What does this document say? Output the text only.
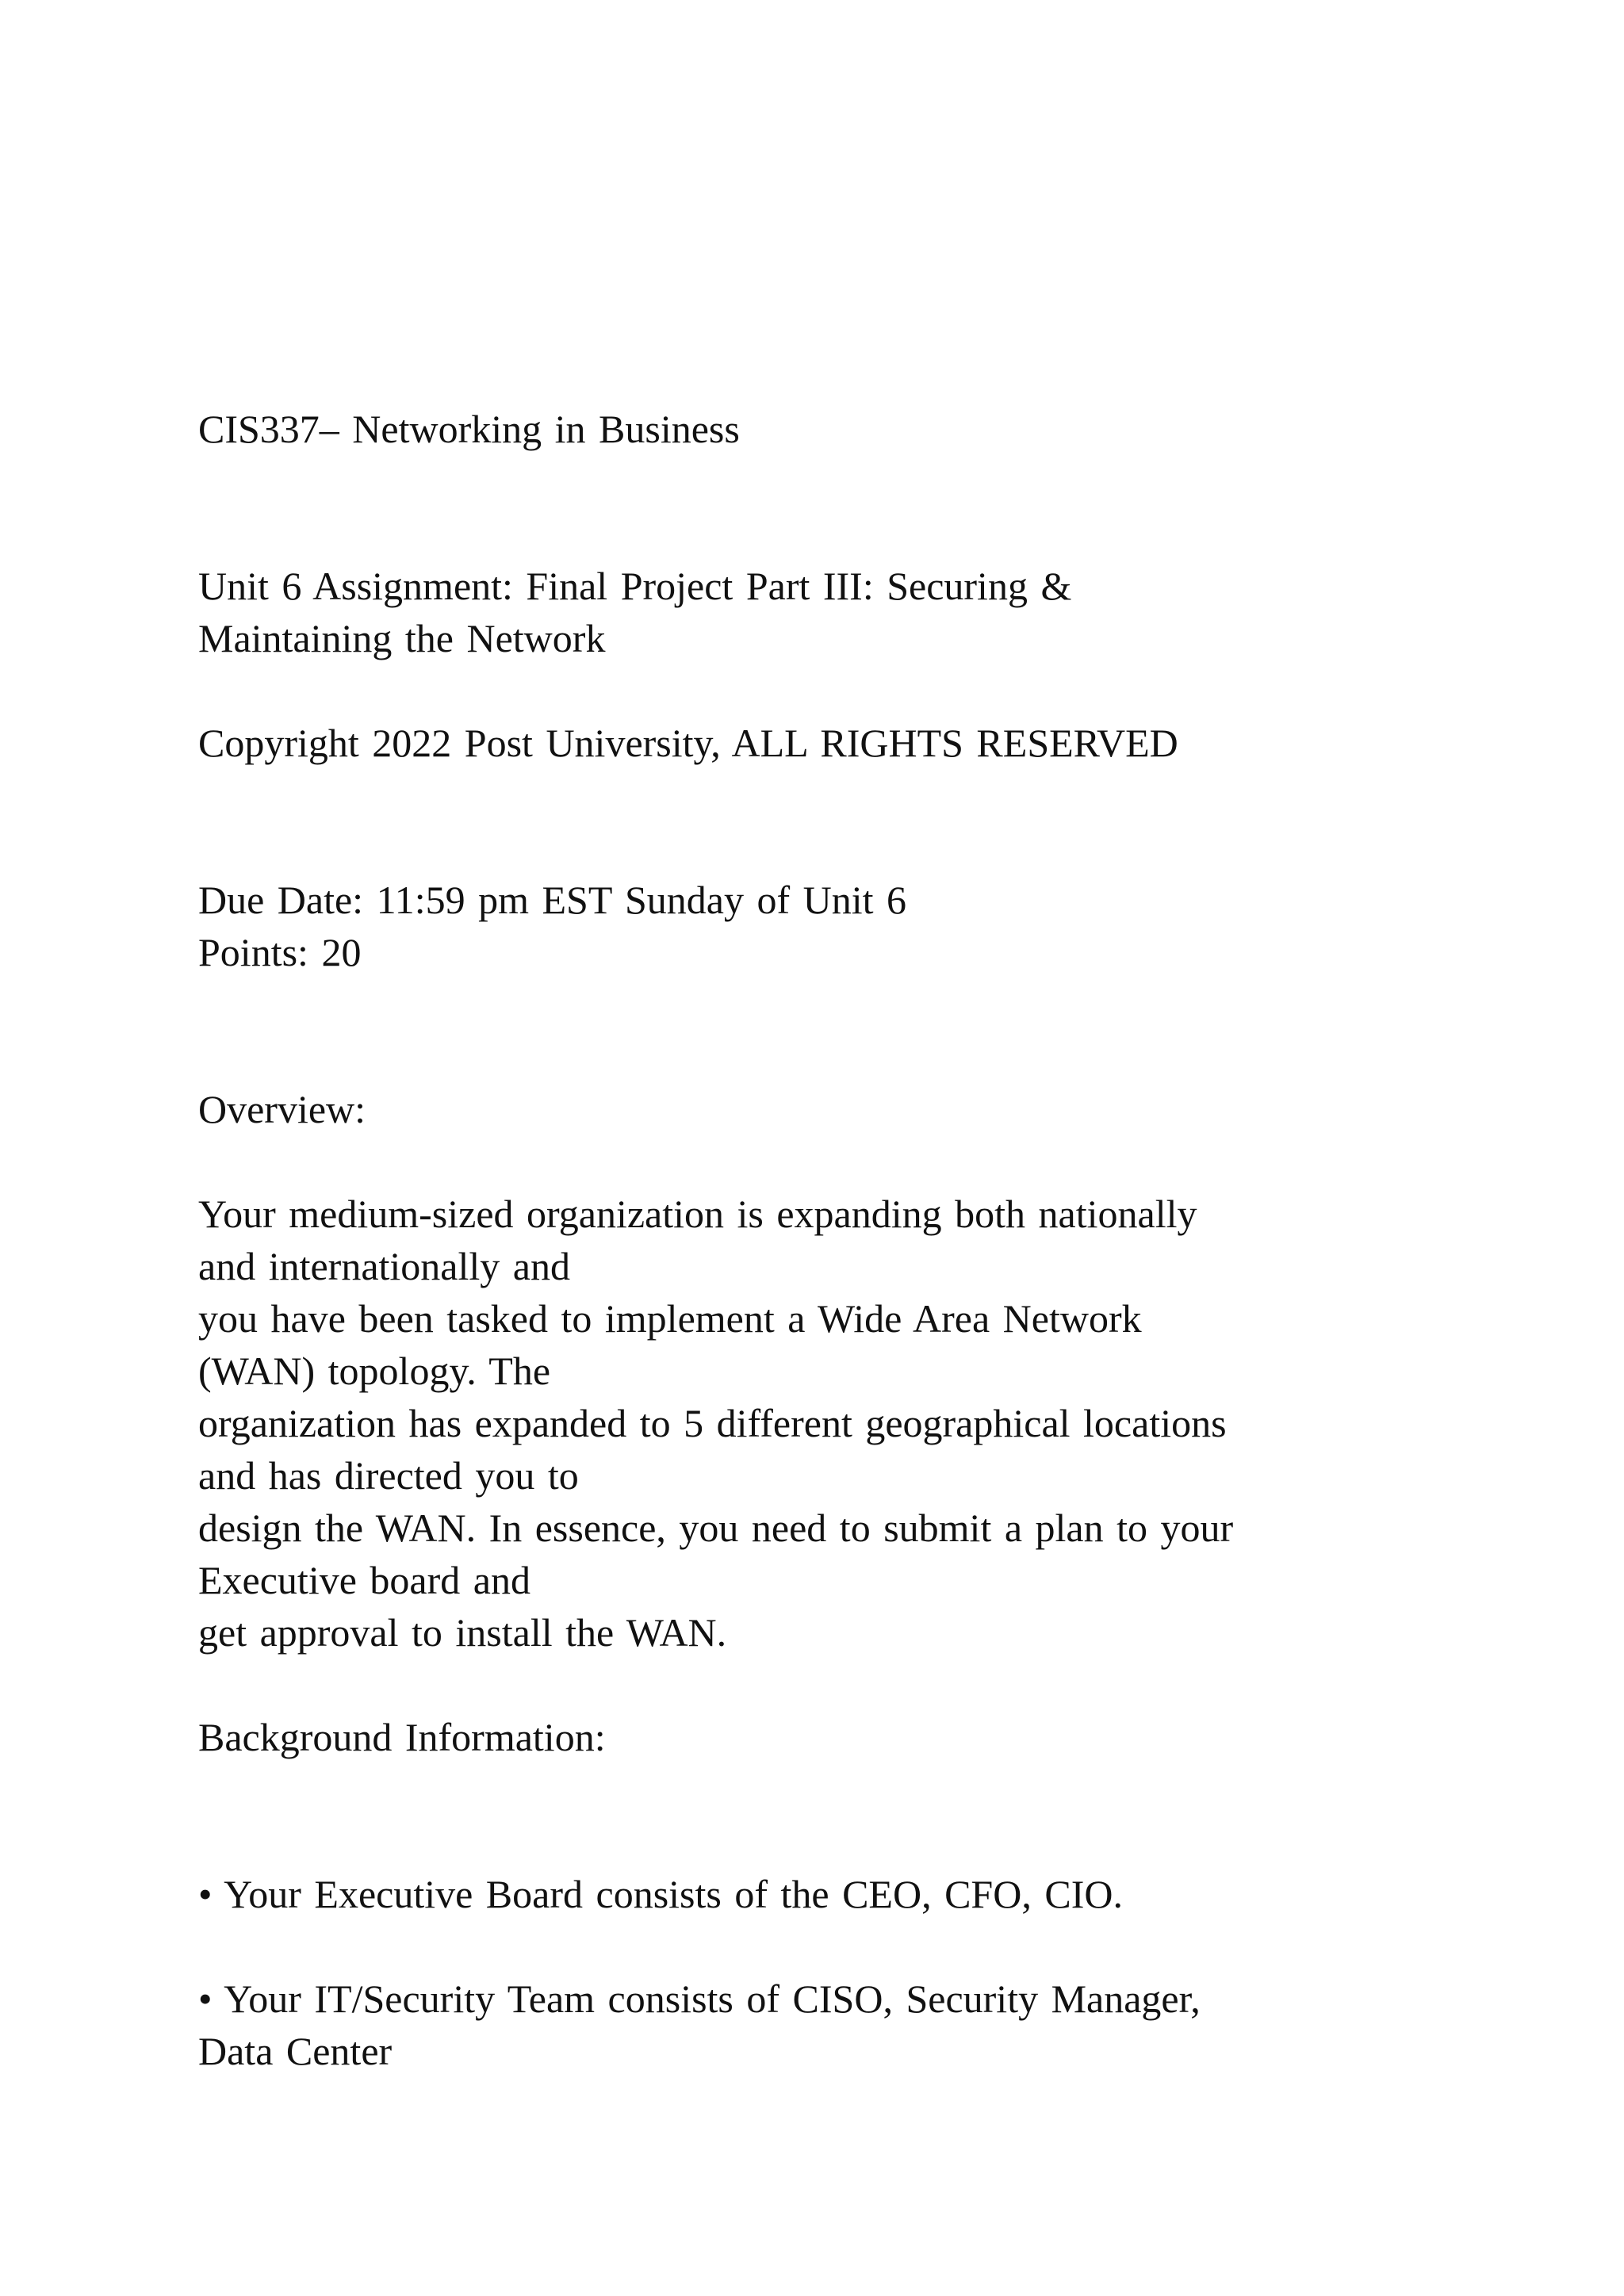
CIS337– Networking in Business
Unit 6 Assignment: Final Project Part III: Securing &
Maintaining the Network
Copyright 2022 Post University, ALL RIGHTS RESERVED
Due Date: 11:59 pm EST Sunday of Unit 6
Points: 20
Overview:
Your medium-sized organization is expanding both nationally
and internationally and
you have been tasked to implement a Wide Area Network
(WAN) topology. The
organization has expanded to 5 different geographical locations
and has directed you to
design the WAN. In essence, you need to submit a plan to your
Executive board and
get approval to install the WAN.
Background Information:
• Your Executive Board consists of the CEO, CFO, CIO.
• Your IT/Security Team consists of CISO, Security Manager,
Data Center
